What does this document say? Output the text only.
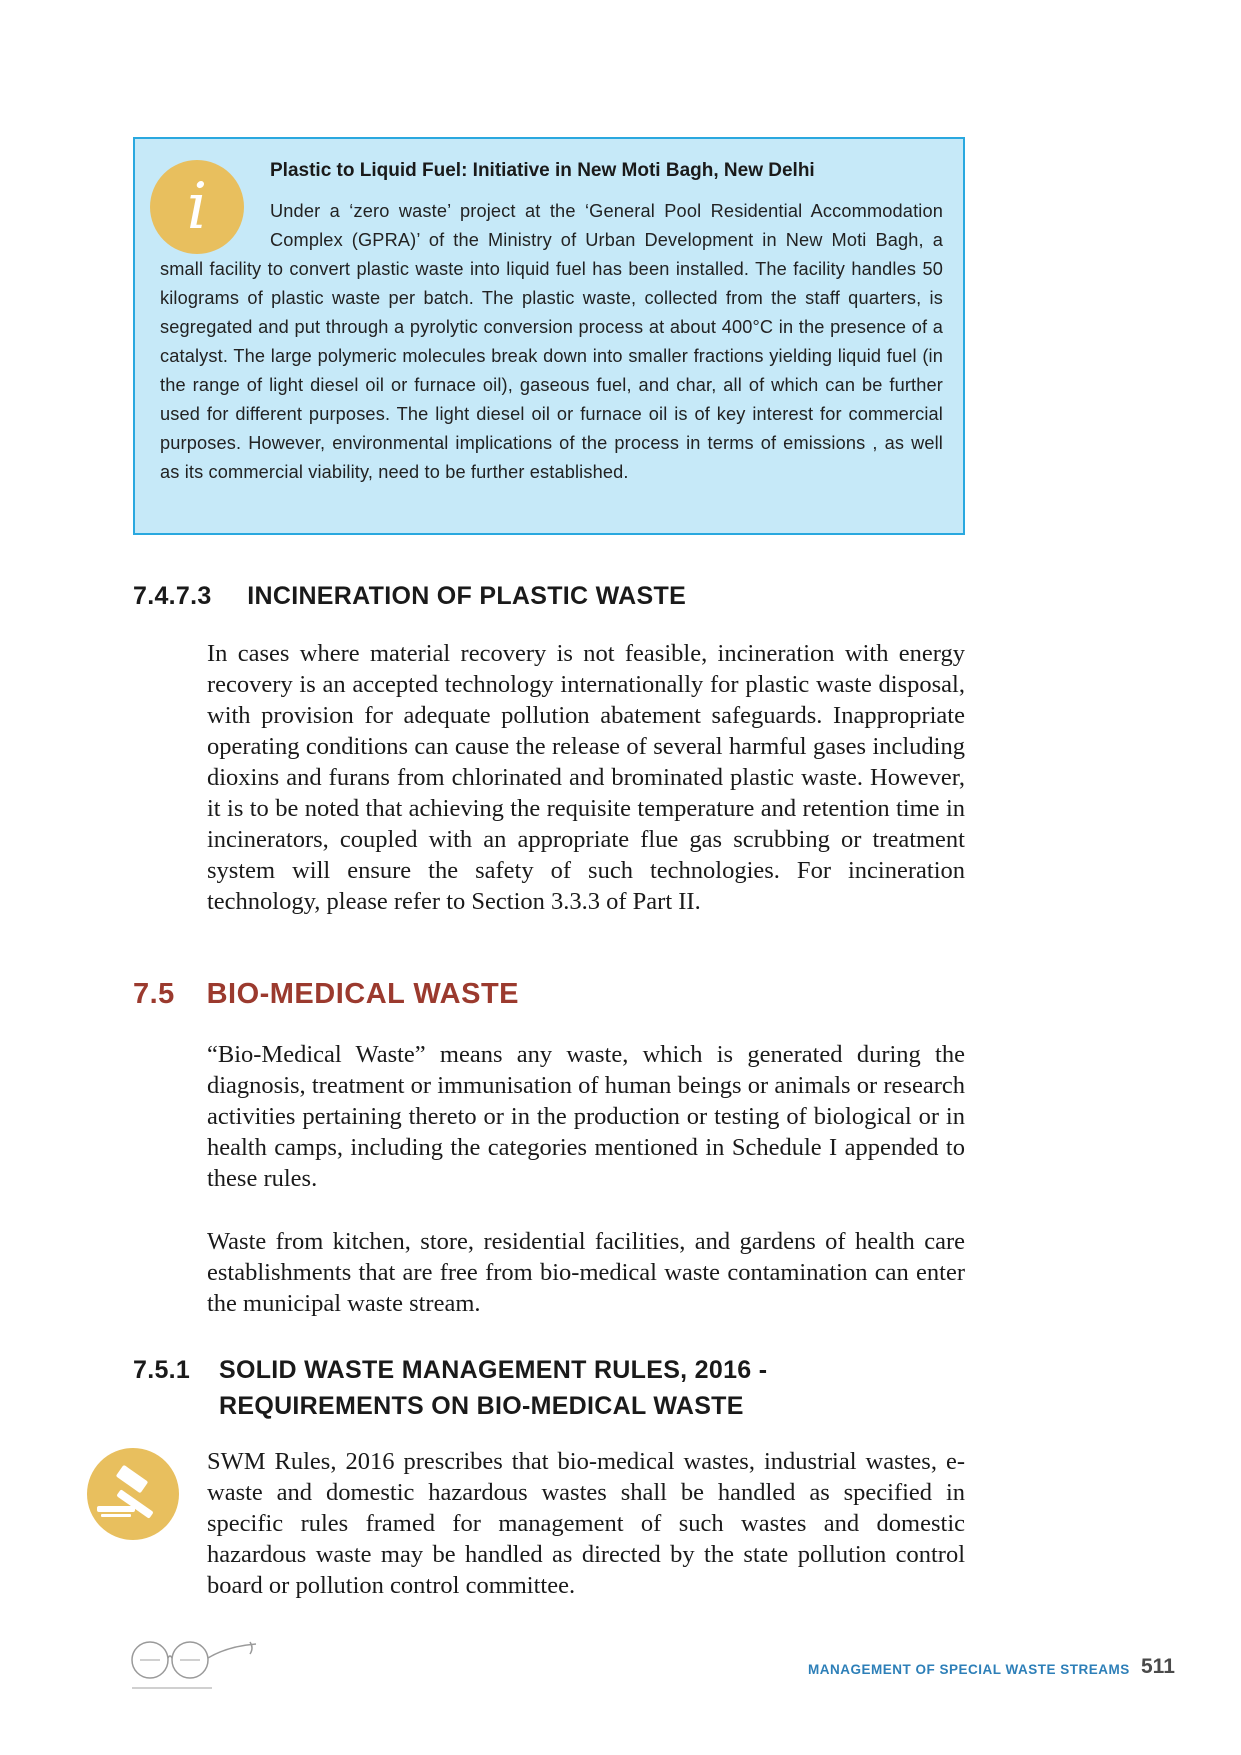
i	Plastic to Liquid Fuel: Initiative in New Moti Bagh, New Delhi
Under a ‘zero waste’ project at the ‘General Pool Residential Accommodation Complex (GPRA)’ of the Ministry of Urban Development in New Moti Bagh, a small facility to convert plastic waste into liquid fuel has been installed. The facility handles 50 kilograms of plastic waste per batch. The plastic waste, collected from the staff quarters, is segregated and put through a pyrolytic conversion process at about 400°C in the presence of a catalyst. The large polymeric molecules break down into smaller fractions yielding liquid fuel (in the range of light diesel oil or furnace oil), gaseous fuel, and char, all of which can be further used for different purposes. The light diesel oil or furnace oil is of key interest for commercial purposes. However, environmental implications of the process in terms of emissions , as well as its commercial viability, need to be further established.
7.4.7.3 INCINERATION OF PLASTIC WASTE
In cases where material recovery is not feasible, incineration with energy recovery is an accepted technology internationally for plastic waste disposal, with provision for adequate pollution abatement safeguards. Inappropriate operating conditions can cause the release of several harmful gases including dioxins and furans from chlorinated and brominated plastic waste. However, it is to be noted that achieving the requisite temperature and retention time in incinerators, coupled with an appropriate flue gas scrubbing or treatment system will ensure the safety of such technologies. For incineration technology, please refer to Section 3.3.3 of Part II.
7.5 BIO-MEDICAL WASTE
“Bio-Medical Waste” means any waste, which is generated during the diagnosis, treatment or immunisation of human beings or animals or research activities pertaining thereto or in the production or testing of biological or in health camps, including the categories mentioned in Schedule I appended to these rules.
Waste from kitchen, store, residential facilities, and gardens of health care establishments that are free from bio-medical waste contamination can enter the municipal waste stream.
7.5.1	SOLID WASTE MANAGEMENT RULES, 2016 -
REQUIREMENTS ON BIO-MEDICAL WASTE
SWM Rules, 2016 prescribes that bio-medical wastes, industrial wastes, e-waste and domestic hazardous wastes shall be handled as specified in specific rules framed for management of such wastes and domestic hazardous waste may be handled as directed by the state pollution control board or pollution control committee.
MANAGEMENT OF SPECIAL WASTE STREAMS 511
